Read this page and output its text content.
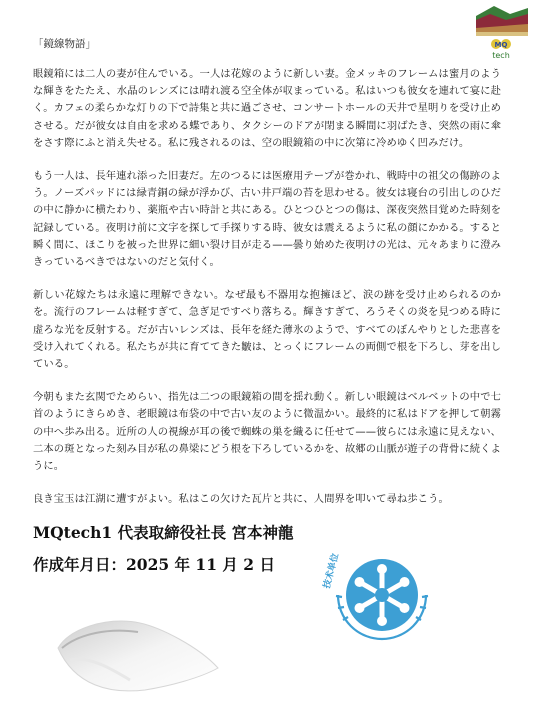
MQ
tech
「鏡線物語」

眼鏡箱には二人の妻が住んでいる。一人は花嫁のように新しい妻。金メッキのフレームは蜜月のような輝きをたたえ、水晶のレンズには晴れ渡る空全体が収まっている。私はいつも彼女を連れて宴に赴く。カフェの柔らかな灯りの下で詩集と共に過ごさせ、コンサートホールの天井で星明りを受け止めさせる。だが彼女は自由を求める蝶であり、タクシーのドアが閉まる瞬間に羽ばたき、突然の雨に傘をさす際にふと消え失せる。私に残されるのは、空の眼鏡箱の中に次第に冷めゆく凹みだけ。

もう一人は、長年連れ添った旧妻だ。左のつるには医療用テープが巻かれ、戦時中の祖父の傷跡のよう。ノーズパッドには緑青銅の緑が浮かび、古い井戸端の苔を思わせる。彼女は寝台の引出しのひだの中に静かに横たわり、薬瓶や古い時計と共にある。ひとつひとつの傷は、深夜突然目覚めた時刻を記録している。夜明け前に文字を探して手探りする時、彼女は震えるように私の顔にかかる。すると瞬く間に、ほこりを被った世界に細い裂け目が走る——曇り始めた夜明けの光は、元々あまりに澄みきっているべきではないのだと気付く。

新しい花嫁たちは永遠に理解できない。なぜ最も不器用な抱擁ほど、涙の跡を受け止められるのかを。流行のフレームは軽すぎて、急ぎ足ですべり落ちる。輝きすぎて、ろうそくの炎を見つめる時に虚ろな光を反射する。だが古いレンズは、長年を経た薄氷のようで、すべてのぼんやりとした悲喜を受け入れてくれる。私たちが共に育ててきた皺は、とっくにフレームの両側で根を下ろし、芽を出している。

今朝もまた玄関でためらい、指先は二つの眼鏡箱の間を揺れ動く。新しい眼鏡はベルベットの中で七首のようにきらめき、老眼鏡は布袋の中で古い友のように微温かい。最終的に私はドアを押して朝霧の中へ歩み出る。近所の人の視線が耳の後で蜘蛛の巣を織るに任せて——彼らには永遠に見えない、二本の斑となった刻み目が私の鼻梁にどう根を下ろしているかを、故郷の山脈が遊子の背骨に続くように。

良き宝玉は江湖に遭すがよい。私はこの欠けた瓦片と共に、人間界を叩いて尋ね歩こう。

MQtech1 代表取締役社長 宮本神龍
作成年月日：2025 年 11 月 2 日	技术单位
